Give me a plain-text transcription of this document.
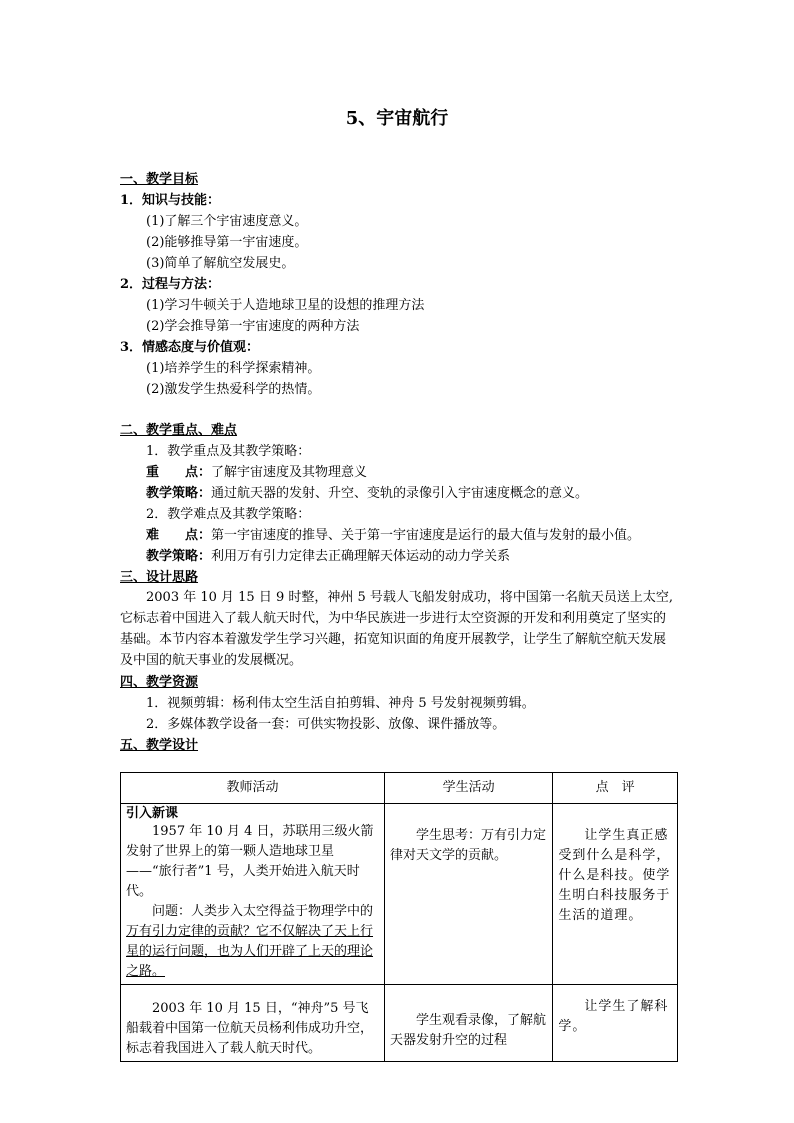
5、宇宙航行
一、教学目标
1．知识与技能：
(1)了解三个宇宙速度意义。
(2)能够推导第一宇宙速度。
(3)简单了解航空发展史。
2．过程与方法：
(1)学习牛顿关于人造地球卫星的设想的推理方法
(2)学会推导第一宇宙速度的两种方法
3．情感态度与价值观：
(1)培养学生的科学探索精神。
(2)激发学生热爱科学的热情。
二、教学重点、难点
1．教学重点及其教学策略：
重　　点：了解宇宙速度及其物理意义
教学策略：通过航天器的发射、升空、变轨的录像引入宇宙速度概念的意义。
2．教学难点及其教学策略：
难　　点：第一宇宙速度的推导、关于第一宇宙速度是运行的最大值与发射的最小值。
教学策略：利用万有引力定律去正确理解天体运动的动力学关系
三、设计思路
2003 年 10 月 15 日 9 时整，神州 5 号载人飞船发射成功，将中国第一名航天员送上太空,它标志着中国进入了载人航天时代，为中华民族进一步进行太空资源的开发和利用奠定了坚实的基础。本节内容本着激发学生学习兴趣，拓宽知识面的角度开展教学，让学生了解航空航天发展及中国的航天事业的发展概况。
四、教学资源
1．视频剪辑：杨利伟太空生活自拍剪辑、神舟 5 号发射视频剪辑。
2．多媒体教学设备一套：可供实物投影、放像、课件播放等。
五、教学设计
教师活动	学生活动	点　评

引入新课
1957 年 10 月 4 日，苏联用三级火箭发射了世界上的第一颗人造地球卫星——“旅行者”1 号，人类开始进入航天时代。
问题：人类步入太空得益于物理学中的万有引力定律的贡献？它不仅解决了天上行星的运行问题，也为人们开辟了上天的理论之路。	学生思考：万有引力定律对天文学的贡献。	让学生真正感受到什么是科学，什么是科技。使学生明白科技服务于生活的道理。

2003 年 10 月 15 日，“神舟”5 号飞船载着中国第一位航天员杨利伟成功升空，标志着我国进入了载人航天时代。	学生观看录像，了解航天器发射升空的过程	让学生了解科学。
